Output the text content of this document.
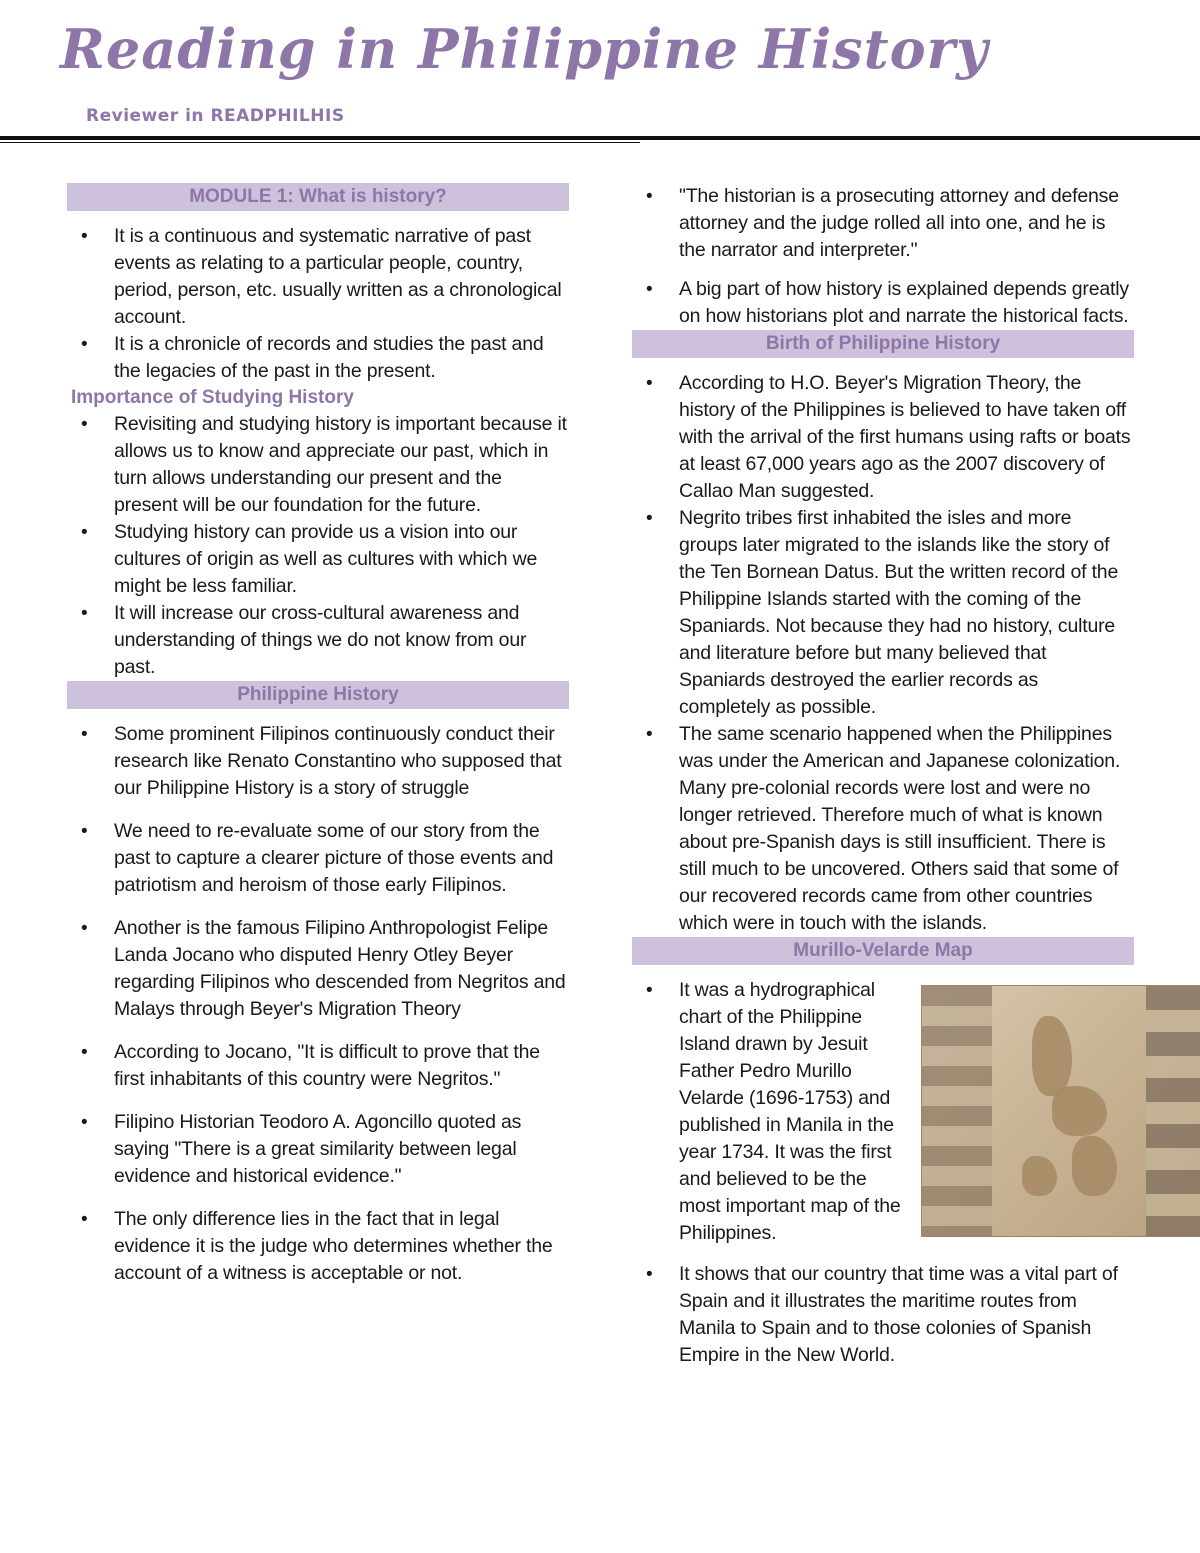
Reading in Philippine History
Reviewer in READPHILHIS
MODULE 1: What is history?
• It is a continuous and systematic narrative of past events as relating to a particular people, country, period, person, etc. usually written as a chronological account.
• It is a chronicle of records and studies the past and the legacies of the past in the present.
Importance of Studying History
• Revisiting and studying history is important because it allows us to know and appreciate our past, which in turn allows understanding our present and the present will be our foundation for the future.
• Studying history can provide us a vision into our cultures of origin as well as cultures with which we might be less familiar.
• It will increase our cross-cultural awareness and understanding of things we do not know from our past.
Philippine History
• Some prominent Filipinos continuously conduct their research like Renato Constantino who supposed that our Philippine History is a story of struggle
• We need to re-evaluate some of our story from the past to capture a clearer picture of those events and patriotism and heroism of those early Filipinos.
• Another is the famous Filipino Anthropologist Felipe Landa Jocano who disputed Henry Otley Beyer regarding Filipinos who descended from Negritos and Malays through Beyer's Migration Theory
• According to Jocano, "It is difficult to prove that the first inhabitants of this country were Negritos."
• Filipino Historian Teodoro A. Agoncillo quoted as saying "There is a great similarity between legal evidence and historical evidence."
• The only difference lies in the fact that in legal evidence it is the judge who determines whether the account of a witness is acceptable or not.
• "The historian is a prosecuting attorney and defense attorney and the judge rolled all into one, and he is the narrator and interpreter."
• A big part of how history is explained depends greatly on how historians plot and narrate the historical facts.
Birth of Philippine History
• According to H.O. Beyer's Migration Theory, the history of the Philippines is believed to have taken off with the arrival of the first humans using rafts or boats at least 67,000 years ago as the 2007 discovery of Callao Man suggested.
• Negrito tribes first inhabited the isles and more groups later migrated to the islands like the story of the Ten Bornean Datus. But the written record of the Philippine Islands started with the coming of the Spaniards. Not because they had no history, culture and literature before but many believed that Spaniards destroyed the earlier records as completely as possible.
• The same scenario happened when the Philippines was under the American and Japanese colonization. Many pre-colonial records were lost and were no longer retrieved. Therefore much of what is known about pre-Spanish days is still insufficient. There is still much to be uncovered. Others said that some of our recovered records came from other countries which were in touch with the islands.
Murillo-Velarde Map
• It was a hydrographical chart of the Philippine Island drawn by Jesuit Father Pedro Murillo Velarde (1696-1753) and published in Manila in the year 1734. It was the first and believed to be the most important map of the Philippines.
• It shows that our country that time was a vital part of Spain and it illustrates the maritime routes from Manila to Spain and to those colonies of Spanish Empire in the New World.
